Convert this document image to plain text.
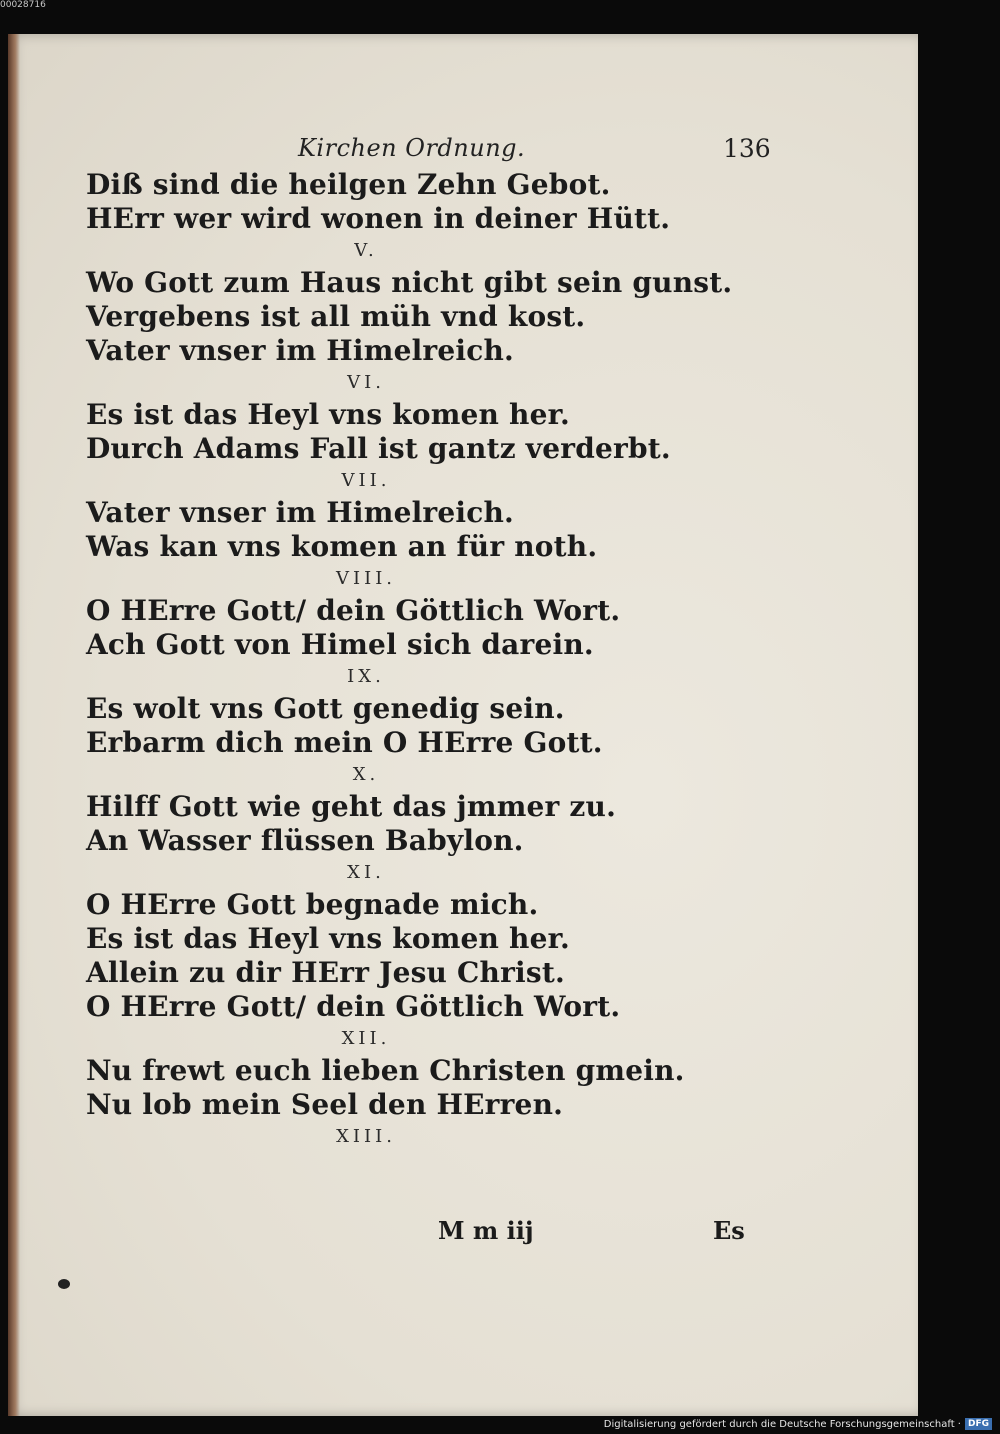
00028716
Kirchen Ordnung.	136
Diß sind die heilgen Zehn Gebot.
HErr wer wird wonen in deiner Hütt.
V.
Wo Gott zum Haus nicht gibt sein gunst.
Vergebens ist all müh vnd kost.
Vater vnser im Himelreich.
VI.
Es ist das Heyl vns komen her.
Durch Adams Fall ist gantz verderbt.
VII.
Vater vnser im Himelreich.
Was kan vns komen an für noth.
VIII.
O HErre Gott/ dein Göttlich Wort.
Ach Gott von Himel sich darein.
IX.
Es wolt vns Gott genedig sein.
Erbarm dich mein O HErre Gott.
X.
Hilff Gott wie geht das jmmer zu.
An Wasser flüssen Babylon.
XI.
O HErre Gott begnade mich.
Es ist das Heyl vns komen her.
Allein zu dir HErr Jesu Christ.
O HErre Gott/ dein Göttlich Wort.
XII.
Nu frewt euch lieben Christen gmein.
Nu lob mein Seel den HErren.
XIII.
M m iij	Es
Digitalisierung gefördert durch die Deutsche Forschungsgemeinschaft · DFG
